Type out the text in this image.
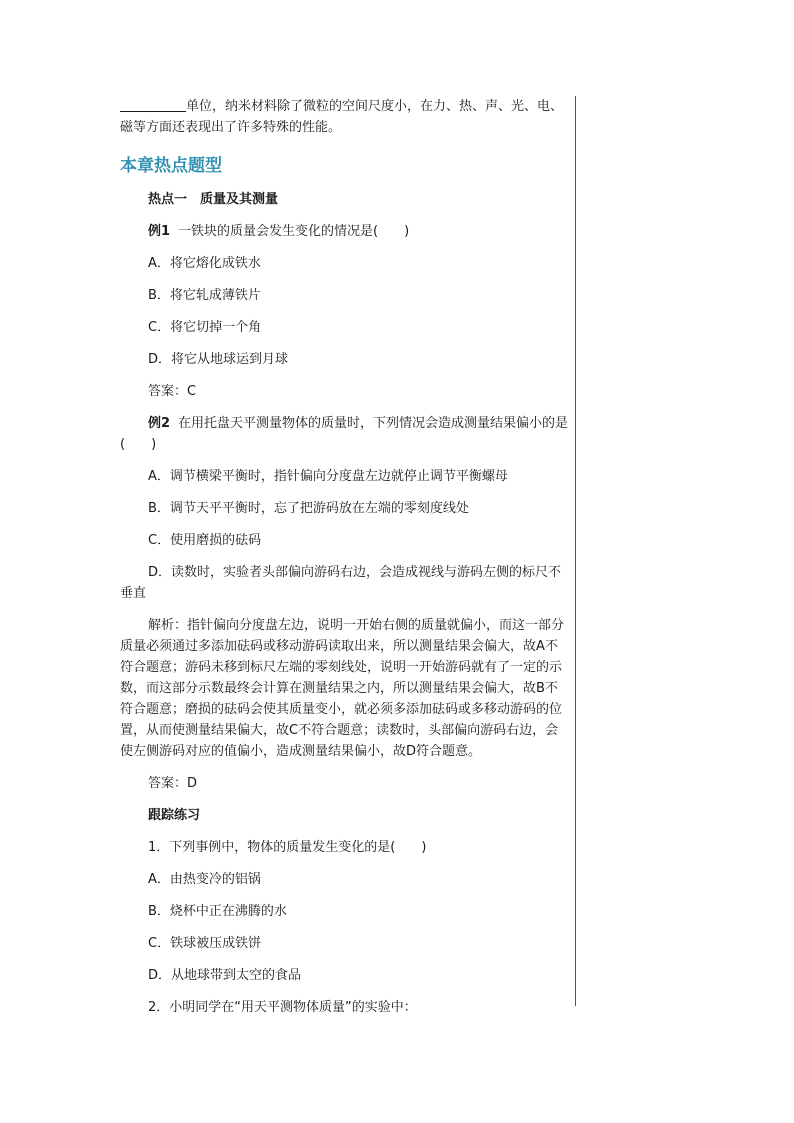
单位，纳米材料除了微粒的空间尺度小，在力、热、声、光、电、磁等方面还表现出了许多特殊的性能。

本章热点题型

热点一　 质量及其测量

例1 一铁块的质量会发生变化的情况是(　　)

A．将它熔化成铁水

B．将它轧成薄铁片

C．将它切掉一个角

D．将它从地球运到月球

答案：C

例2 在用托盘天平测量物体的质量时，下列情况会造成测量结果偏小的是(　　)

A．调节横梁平衡时，指针偏向分度盘左边就停止调节平衡螺母

B．调节天平平衡时，忘了把游码放在左端的零刻度线处

C．使用磨损的砝码

D．读数时，实验者头部偏向游码右边，会造成视线与游码左侧的标尺不垂直

解析：指针偏向分度盘左边，说明一开始右侧的质量就偏小，而这一部分质量必须通过多添加砝码或移动游码读取出来，所以测量结果会偏大，故A不符合题意；游码未移到标尺左端的零刻线处，说明一开始游码就有了一定的示数，而这部分示数最终会计算在测量结果之内，所以测量结果会偏大，故B不符合题意；磨损的砝码会使其质量变小，就必须多添加砝码或多移动游码的位置，从而使测量结果偏大，故C不符合题意；读数时，头部偏向游码右边，会使左侧游码对应的值偏小，造成测量结果偏小，故D符合题意。

答案：D

跟踪练习

1．下列事例中，物体的质量发生变化的是(　　)

A．由热变冷的铝锅

B．烧杯中正在沸腾的水

C．铁球被压成铁饼

D．从地球带到太空的食品

2．小明同学在“用天平测物体质量”的实验中：
